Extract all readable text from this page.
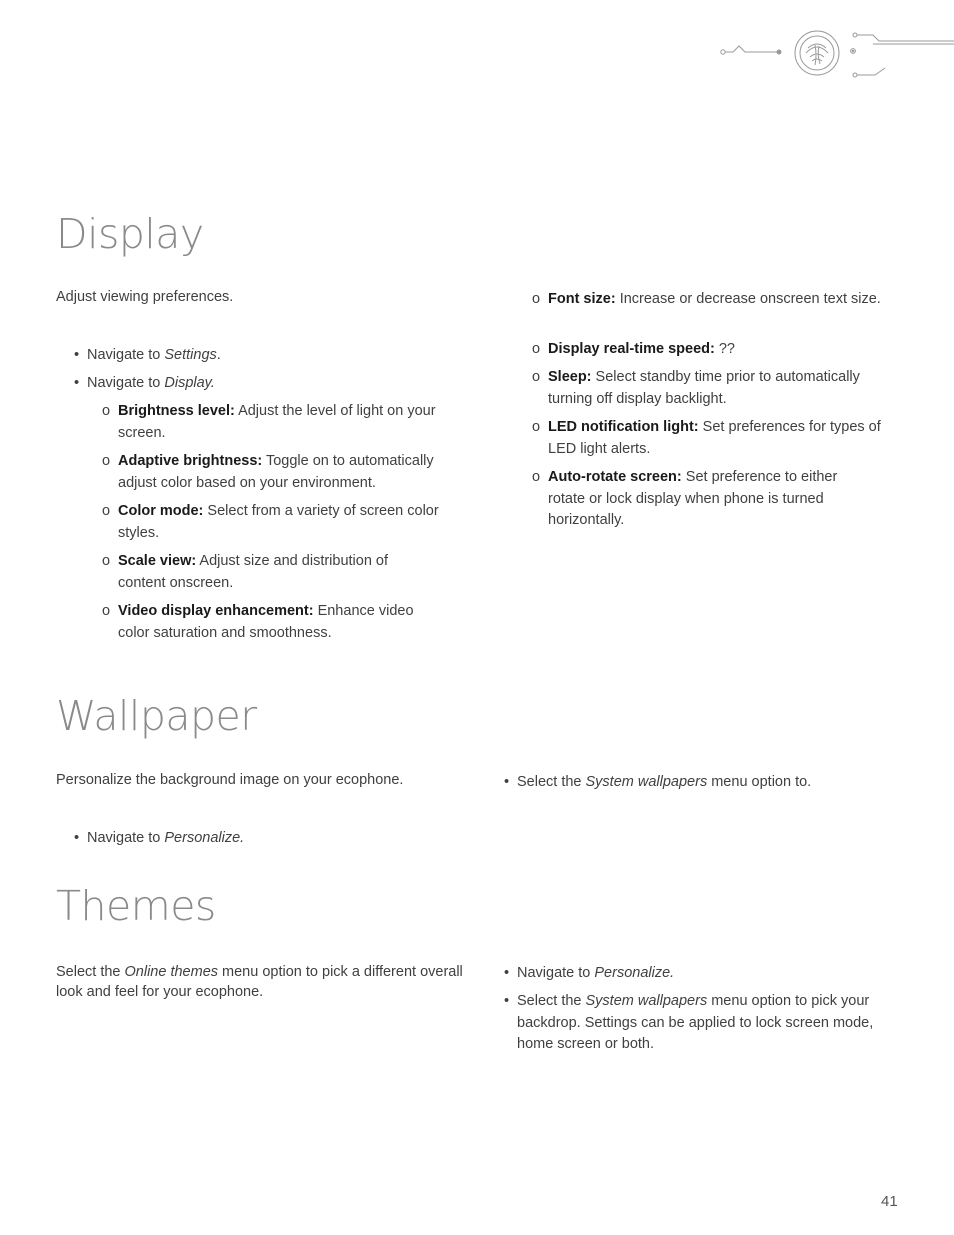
Display

Adjust viewing preferences.

• Navigate to Settings.
• Navigate to Display.
o Brightness level: Adjust the level of light on your screen.
o Adaptive brightness: Toggle on to automatically adjust color based on your environment.
o Color mode: Select from a variety of screen color styles.
o Scale view: Adjust size and distribution of content onscreen.
o Video display enhancement: Enhance video color saturation and smoothness.
o Font size: Increase or decrease onscreen text size.
o Display real-time speed: ??
o Sleep: Select standby time prior to automatically turning off display backlight.
o LED notification light: Set preferences for types of LED light alerts.
o Auto-rotate screen: Set preference to either rotate or lock display when phone is turned horizontally.
Wallpaper

Personalize the background image on your ecophone.

• Navigate to Personalize.
• Select the System wallpapers menu option to.
Themes

Select the Online themes menu option to pick a different overall look and feel for your ecophone.

• Navigate to Personalize.
• Select the System wallpapers menu option to pick your backdrop. Settings can be applied to lock screen mode, home screen or both.
41
